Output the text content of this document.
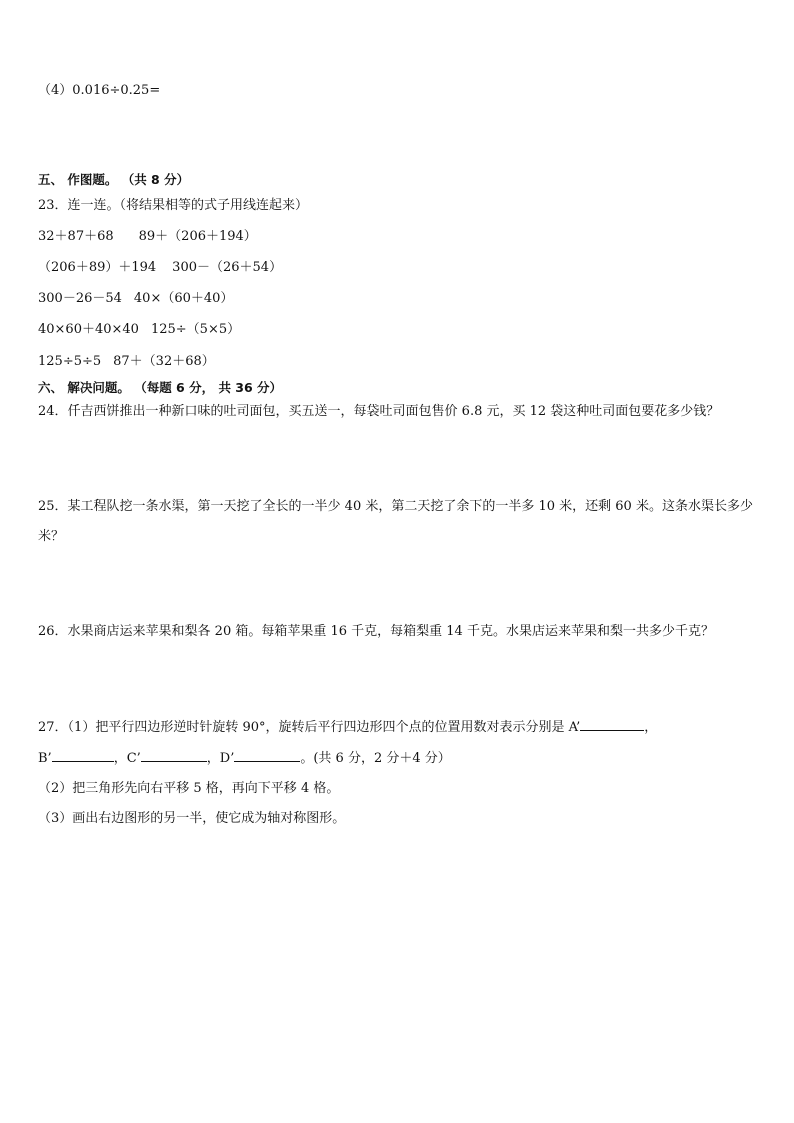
（4）0.016÷0.25=
五、 作图题。 （共 8 分）
23．连一连。（将结果相等的式子用线连起来）
32＋87＋68 89＋（206＋194）
（206＋89）＋194 300－（26＋54）
300－26－54 40×（60＋40）
40×60＋40×40 125÷（5×5）
125÷5÷5 87＋（32＋68）
六、 解决问题。 （每题 6 分， 共 36 分）
24．仟吉西饼推出一种新口味的吐司面包，买五送一，每袋吐司面包售价 6.8 元，买 12 袋这种吐司面包要花多少钱？
25．某工程队挖一条水渠，第一天挖了全长的一半少 40 米，第二天挖了余下的一半多 10 米，还剩 60 米。这条水渠长多少米？
26．水果商店运来苹果和梨各 20 箱。每箱苹果重 16 千克，每箱梨重 14 千克。水果店运来苹果和梨一共多少千克？
27．（1）把平行四边形逆时针旋转 90°，旋转后平行四边形四个点的位置用数对表示分别是 A’	，
B’	，C’	，D’	。(共 6 分，2 分＋4 分）
（2）把三角形先向右平移 5 格，再向下平移 4 格。
（3）画出右边图形的另一半，使它成为轴对称图形。
